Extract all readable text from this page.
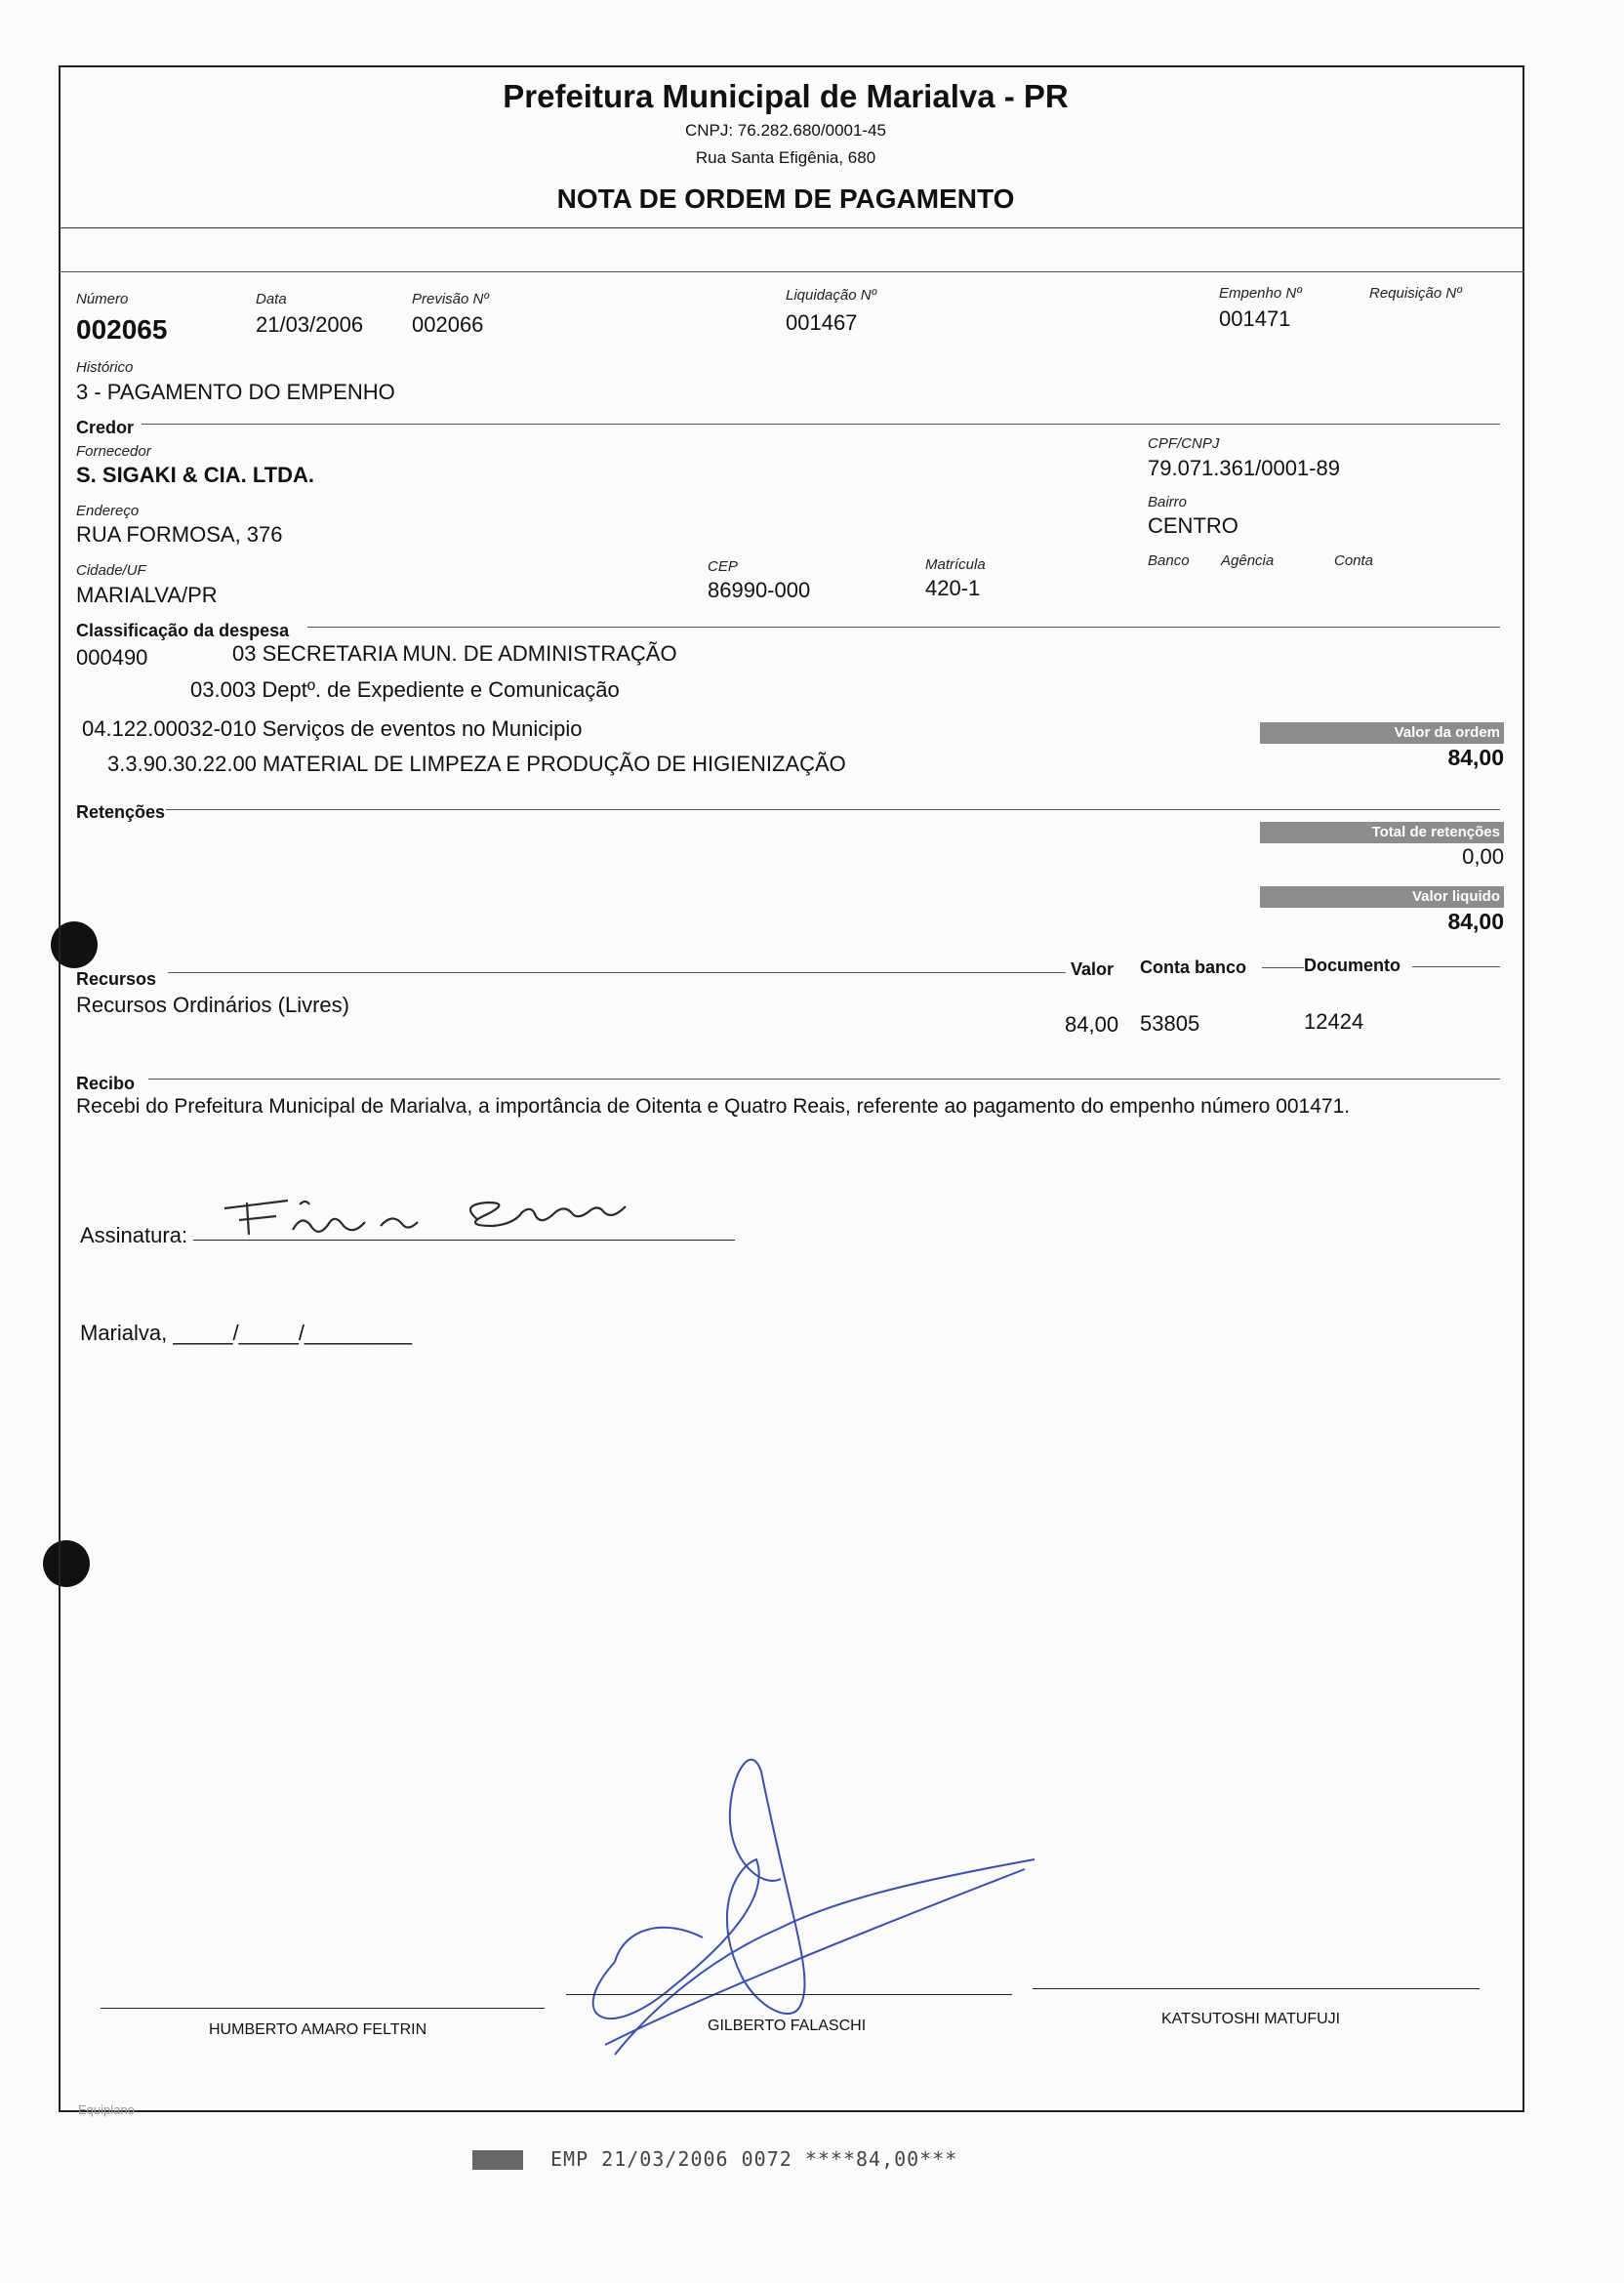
Prefeitura Municipal de Marialva - PR
CNPJ: 76.282.680/0001-45
Rua Santa Efigênia, 680
NOTA DE ORDEM DE PAGAMENTO
Número
002065
Data
21/03/2006
Previsão Nº
002066
Liquidação Nº
001467
Empenho Nº
001471
Requisição Nº
Histórico
3 - PAGAMENTO DO EMPENHO
Credor
Fornecedor
S. SIGAKI & CIA. LTDA.
CPF/CNPJ
79.071.361/0001-89
Endereço
RUA FORMOSA, 376
Bairro
CENTRO
Cidade/UF
MARIALVA/PR
CEP
86990-000
Matrícula
420-1
Banco Agência	Conta
Classificação da despesa
000490	03 SECRETARIA MUN. DE ADMINISTRAÇÃO
03.003 Deptº. de Expediente e Comunicação
04.122.00032-010 Serviços de eventos no Municipio
3.3.90.30.22.00 MATERIAL DE LIMPEZA E PRODUÇÃO DE HIGIENIZAÇÃO
Valor da ordem
84,00
Retenções
Total de retenções
0,00
Valor liquido
84,00
Recursos	Valor Conta banco	Documento
Recursos Ordinários (Livres)
84,00 53805	12424
Recibo
Recebi do Prefeitura Municipal de Marialva, a importância de Oitenta e Quatro Reais, referente ao pagamento do empenho número 001471.
Assinatura:
Marialva, _____/_____/_________
HUMBERTO AMARO FELTRIN	GILBERTO FALASCHI	KATSUTOSHI MATUFUJI
Equiplano
EMP 21/03/2006 0072 ****84,00***
